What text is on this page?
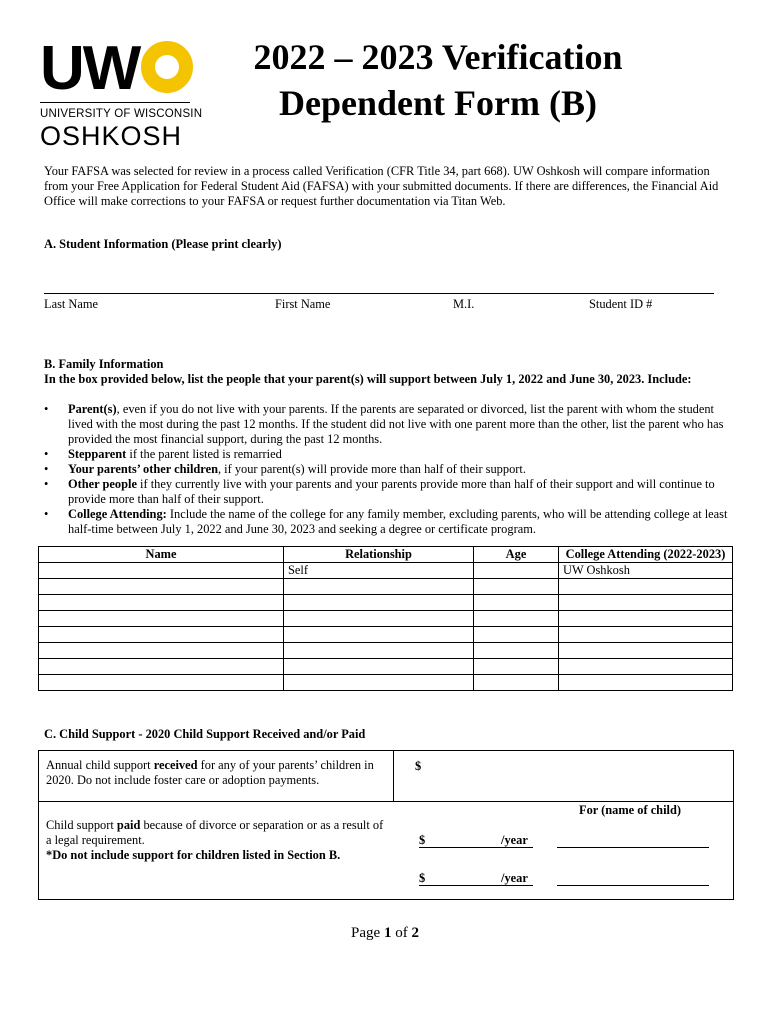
UW
UNIVERSITY OF WISCONSIN
OSHKOSH
2022 – 2023 Verification
Dependent Form (B)
Your FAFSA was selected for review in a process called Verification (CFR Title 34, part 668). UW Oshkosh will compare information from your Free Application for Federal Student Aid (FAFSA) with your submitted documents. If there are differences, the Financial Aid Office will make corrections to your FAFSA or request further documentation via Titan Web.
A. Student Information (Please print clearly)
Last Name	First Name	M.I.	Student ID #
B. Family Information
In the box provided below, list the people that your parent(s) will support between July 1, 2022 and June 30, 2023. Include:
• Parent(s), even if you do not live with your parents. If the parents are separated or divorced, list the parent with whom the student lived with the most during the past 12 months. If the student did not live with one parent more than the other, list the parent who has provided the most financial support, during the past 12 months.
• Stepparent if the parent listed is remarried
• Your parents’ other children, if your parent(s) will provide more than half of their support.
• Other people if they currently live with your parents and your parents provide more than half of their support and will continue to provide more than half of their support.
• College Attending: Include the name of the college for any family member, excluding parents, who will be attending college at least half-time between July 1, 2022 and June 30, 2023 and seeking a degree or certificate program.
Name	Relationship	Age	College Attending (2022-2023)
	Self		UW Oshkosh

C. Child Support - 2020 Child Support Received and/or Paid
Annual child support received for any of your parents’ children in 2020. Do not include foster care or adoption payments.
$
For (name of child)
Child support paid because of divorce or separation or as a result of a legal requirement.
*Do not include support for children listed in Section B.
$	/year
$	/year
Page 1 of 2
